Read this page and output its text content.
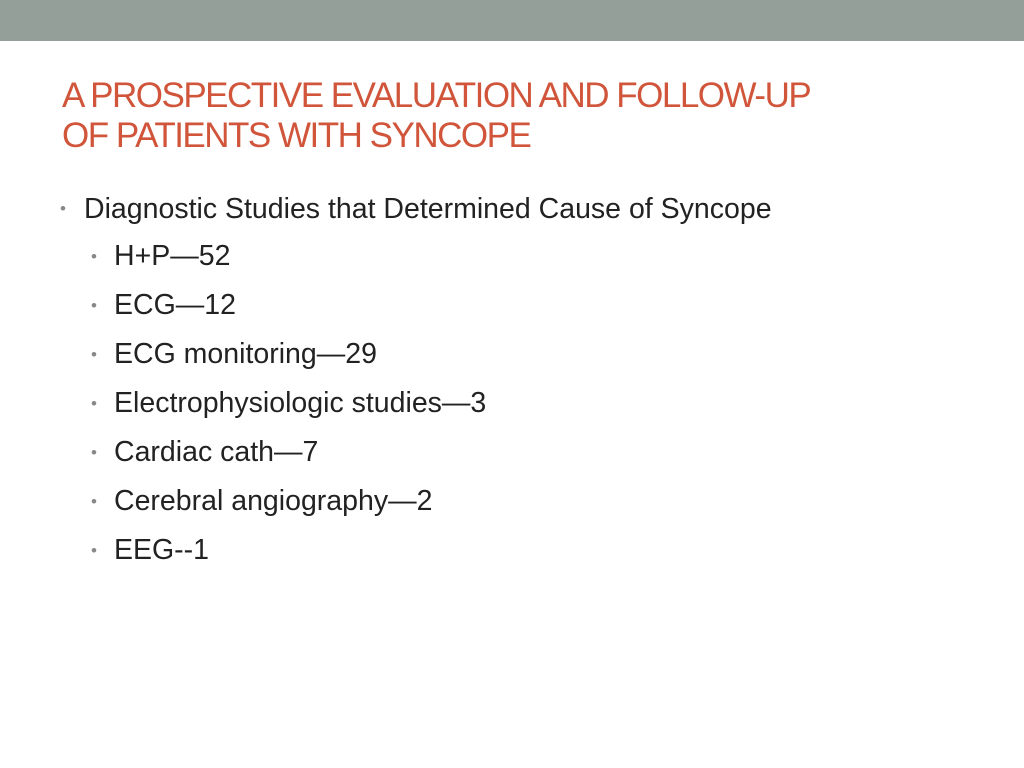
A PROSPECTIVE EVALUATION AND FOLLOW-UP
OF PATIENTS WITH SYNCOPE
• Diagnostic Studies that Determined Cause of Syncope
• H+P—52
• ECG—12
• ECG monitoring—29
• Electrophysiologic studies—3
• Cardiac cath—7
• Cerebral angiography—2
• EEG--1
